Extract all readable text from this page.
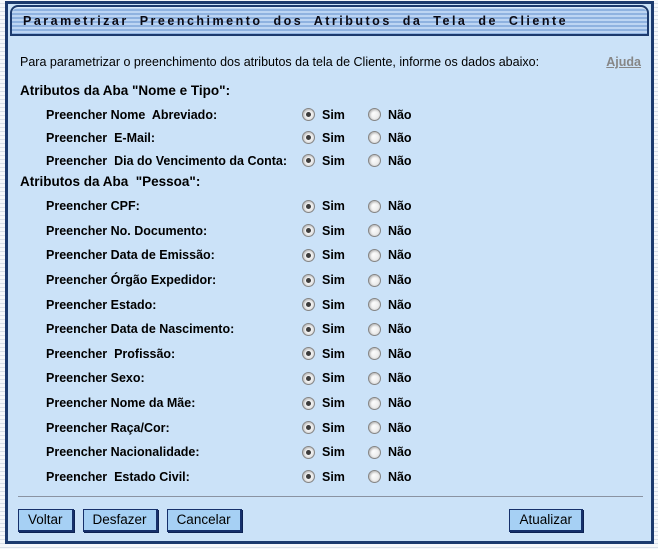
Parametrizar Preenchimento dos Atributos da Tela de Cliente
Para parametrizar o preenchimento dos atributos da tela de Cliente, informe os dados abaixo:	Ajuda
Atributos da Aba "Nome e Tipo":
Preencher Nome  Abreviado:	Sim	Não
Preencher  E-Mail:	Sim	Não
Preencher  Dia do Vencimento da Conta:	Sim	Não
Atributos da Aba  "Pessoa":
Preencher CPF:	Sim	Não
Preencher No. Documento:	Sim	Não
Preencher Data de Emissão:	Sim	Não
Preencher Órgão Expedidor:	Sim	Não
Preencher Estado:	Sim	Não
Preencher Data de Nascimento:	Sim	Não
Preencher  Profissão:	Sim	Não
Preencher Sexo:	Sim	Não
Preencher Nome da Mãe:	Sim	Não
Preencher Raça/Cor:	Sim	Não
Preencher Nacionalidade:	Sim	Não
Preencher  Estado Civil:	Sim	Não
Voltar	Desfazer	Cancelar	Atualizar
